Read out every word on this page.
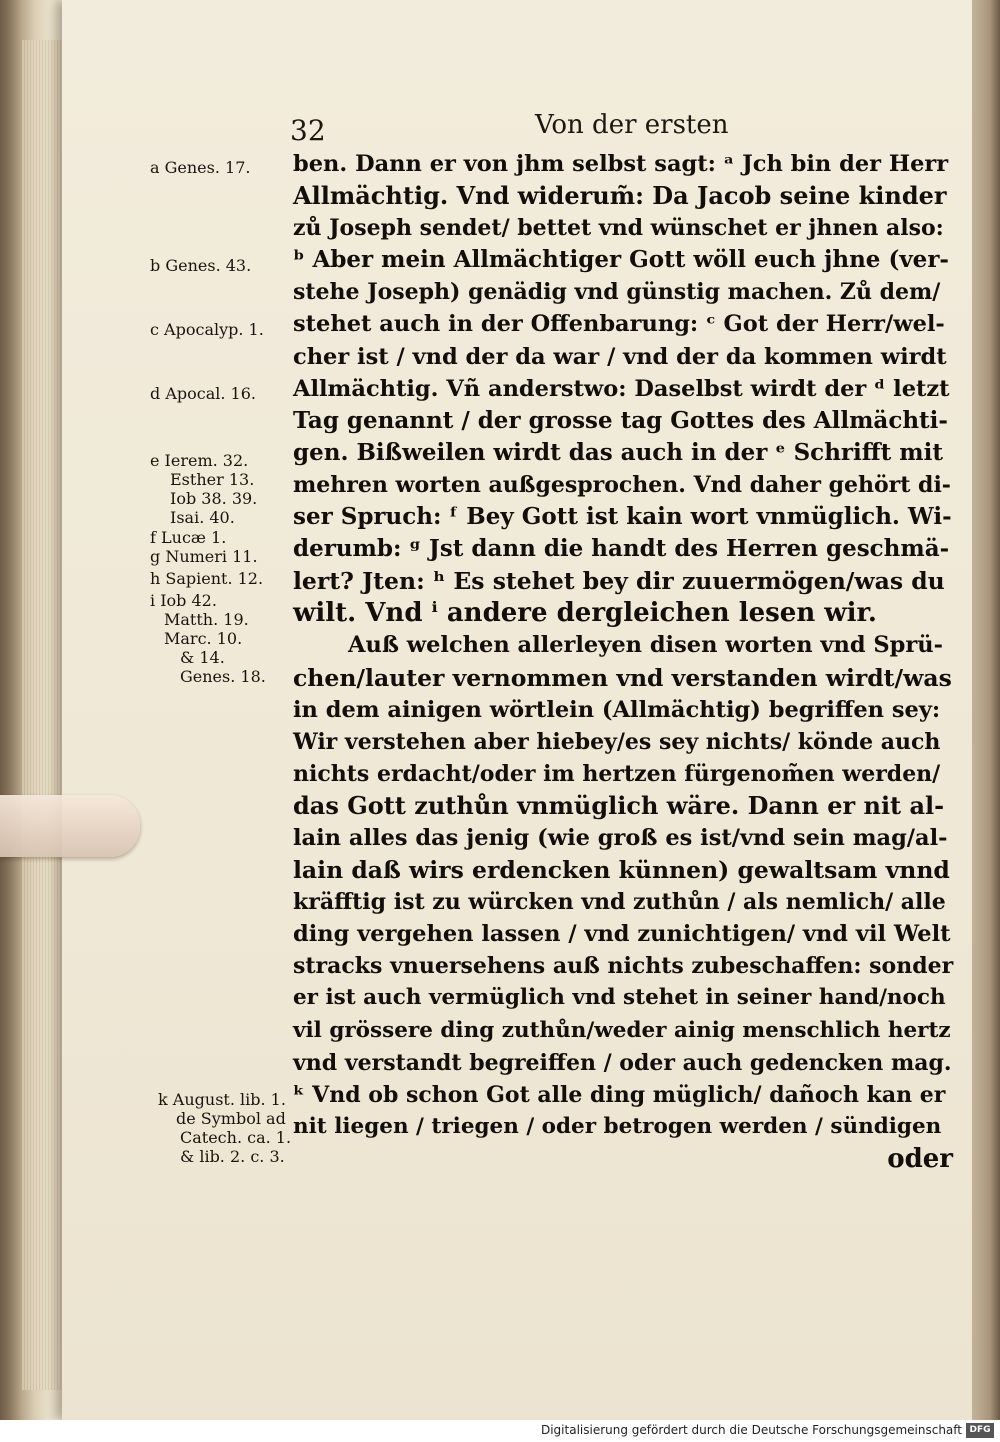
32	Von der ersten
a Genes. 17.
b Genes. 43.
c Apocalyp. 1.
d Apocal. 16.
e Ierem. 32.
Esther 13.
Iob 38. 39.
Isai. 40.
f Lucæ 1.
g Numeri 11.
h Sapient. 12.
i Iob 42.
Matth. 19.
Marc. 10.
& 14.
Genes. 18.
k August. lib. 1.
de Symbol ad
Catech. ca. 1.
& lib. 2. c. 3.
ben. Dann er von jhm selbst sagt: ᵃ Jch bin der Herr
Allmächtig. Vnd widerum̃: Da Jacob seine kinder
zů Joseph sendet/ bettet vnd wünschet er jhnen also:
ᵇ Aber mein Allmächtiger Gott wöll euch jhne (ver-
stehe Joseph) genädig vnd günstig machen. Zů dem/
stehet auch in der Offenbarung: ᶜ Got der Herr/wel-
cher ist / vnd der da war / vnd der da kommen wirdt
Allmächtig. Vñ anderstwo: Daselbst wirdt der ᵈ letzt
Tag genannt / der grosse tag Gottes des Allmächti-
gen. Bißweilen wirdt das auch in der ᵉ Schrifft mit
mehren worten außgesprochen. Vnd daher gehört di-
ser Spruch: ᶠ Bey Gott ist kain wort vnmüglich. Wi-
derumb: ᵍ Jst dann die handt des Herren geschmä-
lert? Jten: ʰ Es stehet bey dir zuuermögen/was du
wilt. Vnd ⁱ andere dergleichen lesen wir.
Auß welchen allerleyen disen worten vnd Sprü-
chen/lauter vernommen vnd verstanden wirdt/was
in dem ainigen wörtlein (Allmächtig) begriffen sey:
Wir verstehen aber hiebey/es sey nichts/ könde auch
nichts erdacht/oder im hertzen fürgenom̃en werden/
das Gott zuthůn vnmüglich wäre. Dann er nit al-
lain alles das jenig (wie groß es ist/vnd sein mag/al-
lain daß wirs erdencken künnen) gewaltsam vnnd
kräfftig ist zu würcken vnd zuthůn / als nemlich/ alle
ding vergehen lassen / vnd zunichtigen/ vnd vil Welt
stracks vnuersehens auß nichts zubeschaffen: sonder
er ist auch vermüglich vnd stehet in seiner hand/noch
vil grössere ding zuthůn/weder ainig menschlich hertz
vnd verstandt begreiffen / oder auch gedencken mag.
ᵏ Vnd ob schon Got alle ding müglich/ dañoch kan er
nit liegen / triegen / oder betrogen werden / sündigen
oder
Digitalisierung gefördert durch die Deutsche Forschungsgemeinschaft DFG
